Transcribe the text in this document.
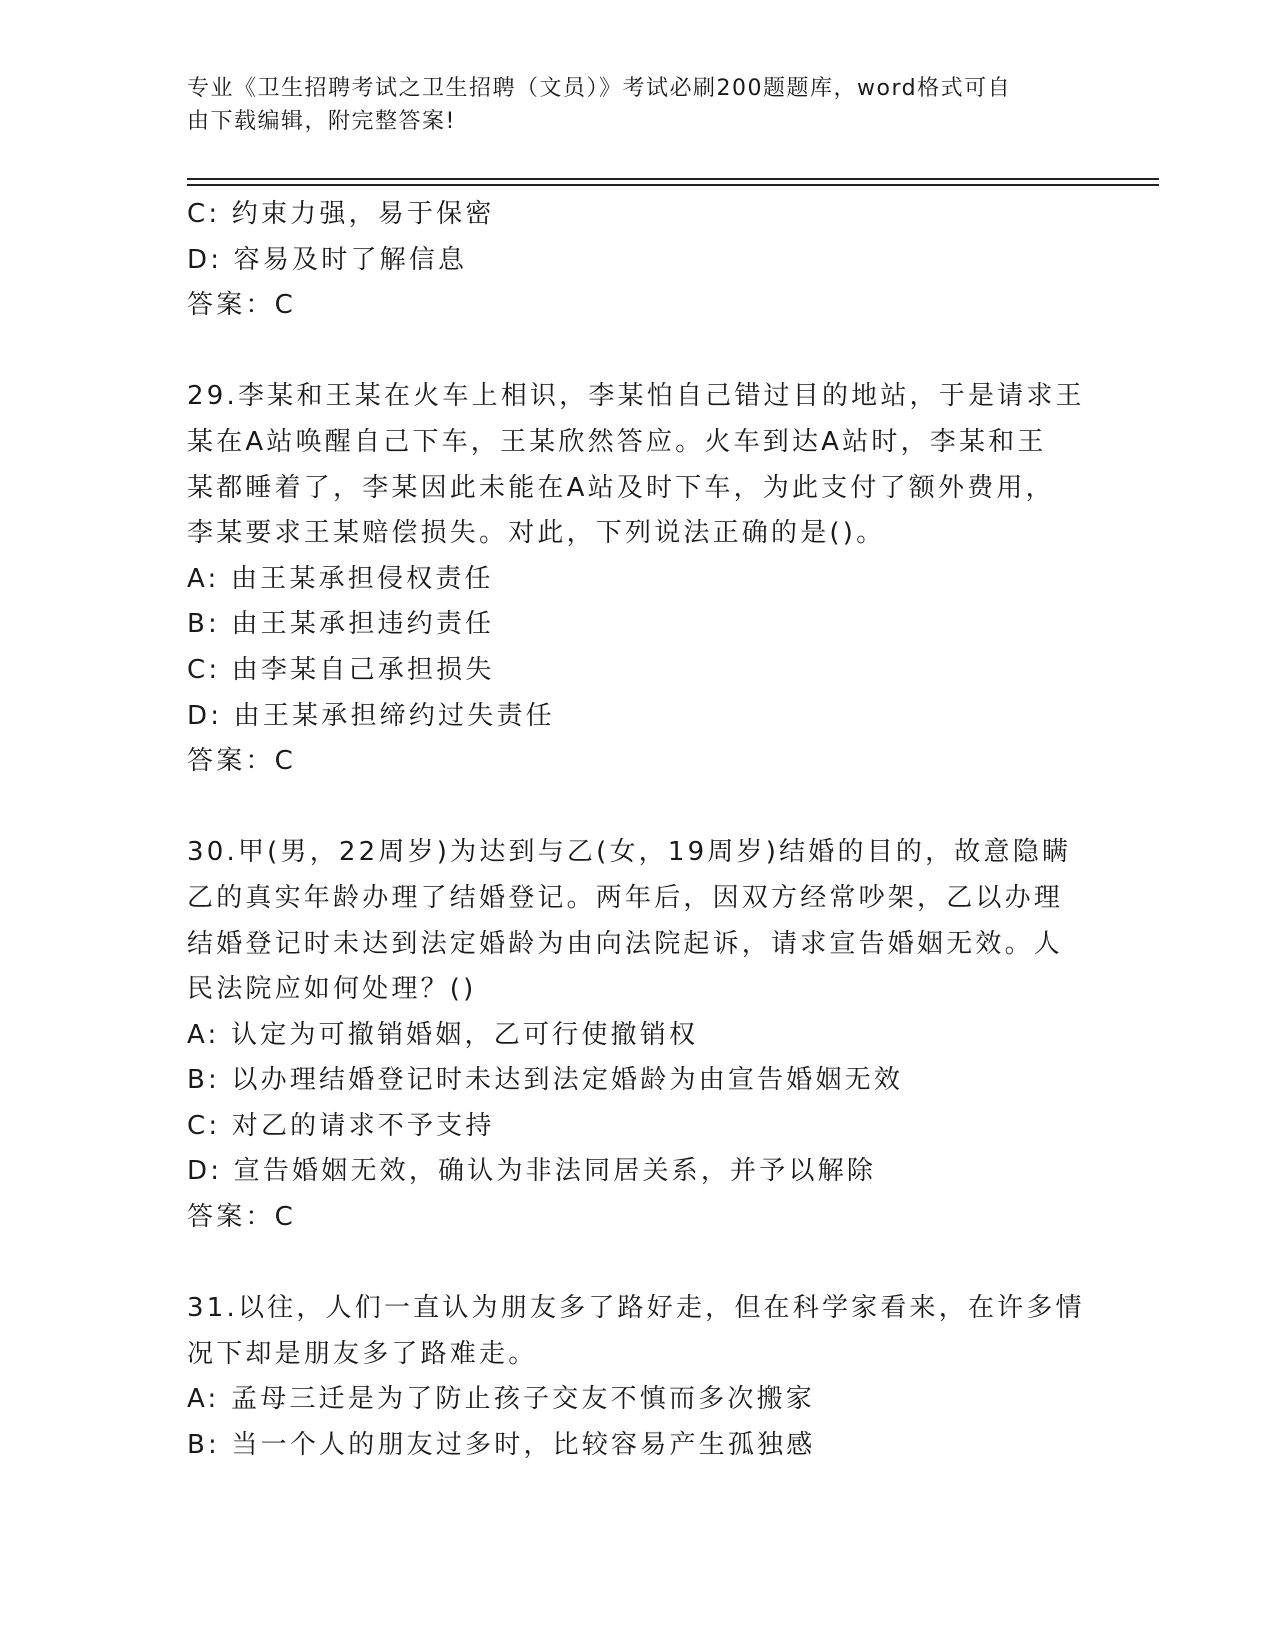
专业《卫生招聘考试之卫生招聘（文员）》考试必刷200题题库，word格式可自
由下载编辑，附完整答案!
C: 约束力强，易于保密
D: 容易及时了解信息
答案：C
29.李某和王某在火车上相识，李某怕自己错过目的地站，于是请求王
某在A站唤醒自己下车，王某欣然答应。火车到达A站时，李某和王
某都睡着了，李某因此未能在A站及时下车，为此支付了额外费用，
李某要求王某赔偿损失。对此，下列说法正确的是()。
A: 由王某承担侵权责任
B: 由王某承担违约责任
C: 由李某自己承担损失
D: 由王某承担缔约过失责任
答案：C
30.甲(男，22周岁)为达到与乙(女，19周岁)结婚的目的，故意隐瞒
乙的真实年龄办理了结婚登记。两年后，因双方经常吵架，乙以办理
结婚登记时未达到法定婚龄为由向法院起诉，请求宣告婚姻无效。人
民法院应如何处理？()
A: 认定为可撤销婚姻，乙可行使撤销权
B: 以办理结婚登记时未达到法定婚龄为由宣告婚姻无效
C: 对乙的请求不予支持
D: 宣告婚姻无效，确认为非法同居关系，并予以解除
答案：C
31.以往，人们一直认为朋友多了路好走，但在科学家看来，在许多情
况下却是朋友多了路难走。
A: 孟母三迁是为了防止孩子交友不慎而多次搬家
B: 当一个人的朋友过多时，比较容易产生孤独感
